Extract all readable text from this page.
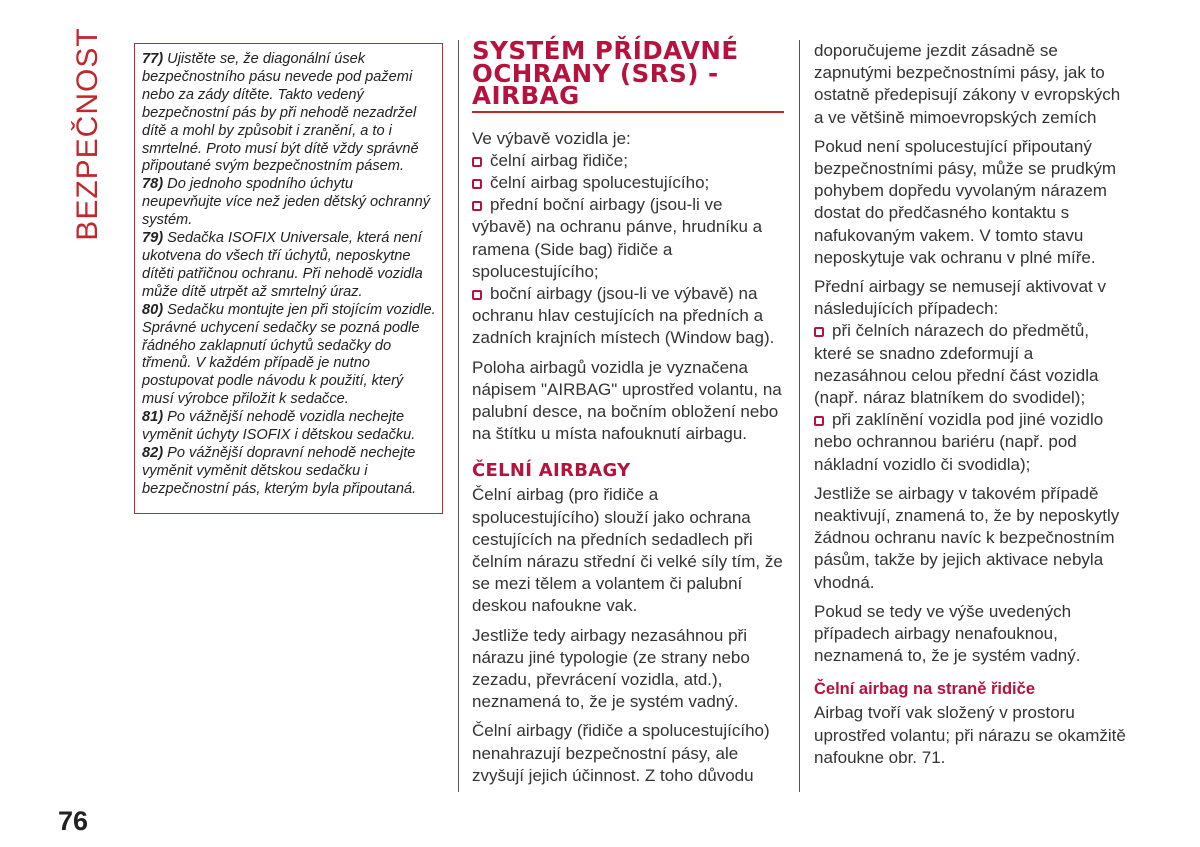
BEZPEČNOST	77) Ujistěte se, že diagonální úsek bezpečnostního pásu nevede pod pažemi nebo za zády dítěte. Takto vedený bezpečnostní pás by při nehodě nezadržel dítě a mohl by způsobit i zranění, a to i smrtelné. Proto musí být dítě vždy správně připoutané svým bezpečnostním pásem.

78) Do jednoho spodního úchytu neupevňujte více než jeden dětský ochranný systém.

79) Sedačka ISOFIX Universale, která není ukotvena do všech tří úchytů, neposkytne dítěti patřičnou ochranu. Při nehodě vozidla může dítě utrpět až smrtelný úraz.

80) Sedačku montujte jen při stojícím vozidle. Správné uchycení sedačky se pozná podle řádného zaklapnutí úchytů sedačky do třmenů. V každém případě je nutno postupovat podle návodu k použití, který musí výrobce přiložit k sedačce.

81) Po vážnější nehodě vozidla nechejte vyměnit úchyty ISOFIX i dětskou sedačku.

82) Po vážnější dopravní nehodě nechejte vyměnit vyměnit dětskou sedačku i bezpečnostní pás, kterým byla připoutaná.

SYSTÉM PŘÍDAVNÉ OCHRANY (SRS) - AIRBAG

Ve výbavě vozidla je:

čelní airbag řidiče;

čelní airbag spolucestujícího;

přední boční airbagy (jsou-li ve výbavě) na ochranu pánve, hrudníku a ramena (Side bag) řidiče a spolucestujícího;

boční airbagy (jsou-li ve výbavě) na ochranu hlav cestujících na předních a zadních krajních místech (Window bag).

Poloha airbagů vozidla je vyznačena nápisem "AIRBAG" uprostřed volantu, na palubní desce, na bočním obložení nebo na štítku u místa nafouknutí airbagu.

ČELNÍ AIRBAGY

Čelní airbag (pro řidiče a spolucestujícího) slouží jako ochrana cestujících na předních sedadlech při čelním nárazu střední či velké síly tím, že se mezi tělem a volantem či palubní deskou nafoukne vak.

Jestliže tedy airbagy nezasáhnou při nárazu jiné typologie (ze strany nebo zezadu, převrácení vozidla, atd.), neznamená to, že je systém vadný.

Čelní airbagy (řidiče a spolucestujícího) nenahrazují bezpečnostní pásy, ale zvyšují jejich účinnost. Z toho důvodu

doporučujeme jezdit zásadně se zapnutými bezpečnostními pásy, jak to ostatně předepisují zákony v evropských a ve většině mimoevropských zemích

Pokud není spolucestující připoutaný bezpečnostními pásy, může se prudkým pohybem dopředu vyvolaným nárazem dostat do předčasného kontaktu s nafukovaným vakem. V tomto stavu neposkytuje vak ochranu v plné míře.

Přední airbagy se nemusejí aktivovat v následujících případech:

při čelních nárazech do předmětů, které se snadno zdeformují a nezasáhnou celou přední část vozidla (např. náraz blatníkem do svodidel);

při zaklínění vozidla pod jiné vozidlo nebo ochrannou bariéru (např. pod nákladní vozidlo či svodidla);

Jestliže se airbagy v takovém případě neaktivují, znamená to, že by neposkytly žádnou ochranu navíc k bezpečnostním pásům, takže by jejich aktivace nebyla vhodná.

Pokud se tedy ve výše uvedených případech airbagy nenafouknou, neznamená to, že je systém vadný.

Čelní airbag na straně řidiče

Airbag tvoří vak složený v prostoru uprostřed volantu; při nárazu se okamžitě nafoukne obr. 71.

76
